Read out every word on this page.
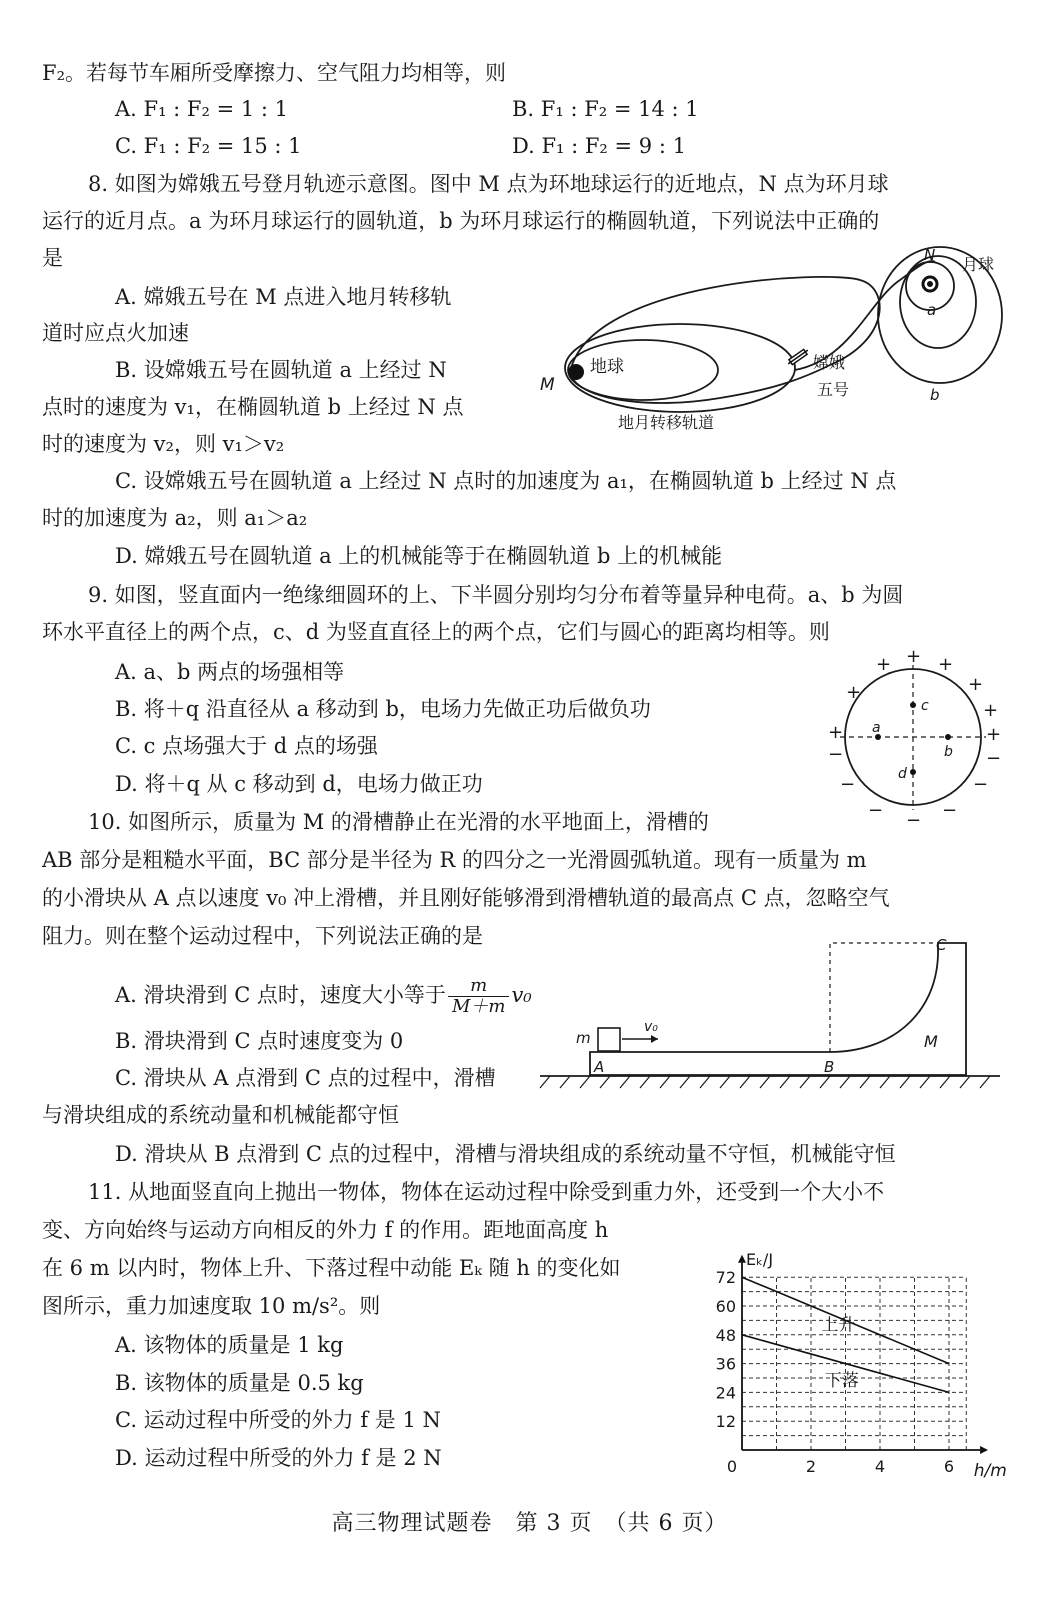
F₂。若每节车厢所受摩擦力、空气阻力均相等，则
A. F₁ : F₂ = 1 : 1	B. F₁ : F₂ = 14 : 1
C. F₁ : F₂ = 15 : 1	D. F₁ : F₂ = 9 : 1
8. 如图为嫦娥五号登月轨迹示意图。图中 M 点为环地球运行的近地点，N 点为环月球
运行的近月点。a 为环月球运行的圆轨道，b 为环月球运行的椭圆轨道，下列说法中正确的
是
A. 嫦娥五号在 M 点进入地月转移轨
道时应点火加速
B. 设嫦娥五号在圆轨道 a 上经过 N
点时的速度为 v₁，在椭圆轨道 b 上经过 N 点
时的速度为 v₂，则 v₁＞v₂
C. 设嫦娥五号在圆轨道 a 上经过 N 点时的加速度为 a₁，在椭圆轨道 b 上经过 N 点
时的加速度为 a₂，则 a₁＞a₂
D. 嫦娥五号在圆轨道 a 上的机械能等于在椭圆轨道 b 上的机械能
地球
M
N 月球
a
b
嫦娥
五号
地月转移轨道
9. 如图，竖直面内一绝缘细圆环的上、下半圆分别均匀分布着等量异种电荷。a、b 为圆
环水平直径上的两个点，c、d 为竖直直径上的两个点，它们与圆心的距离均相等。则
A. a、b 两点的场强相等
B. 将＋q 沿直径从 a 移动到 b，电场力先做正功后做负功
C. c 点场强大于 d 点的场强
D. 将＋q 从 c 移动到 d，电场力做正功
a
b
c
d
+ + +
+	+
+
+
+
−
−
− − −
−
−
10. 如图所示，质量为 M 的滑槽静止在光滑的水平地面上，滑槽的
AB 部分是粗糙水平面，BC 部分是半径为 R 的四分之一光滑圆弧轨道。现有一质量为 m
的小滑块从 A 点以速度 v₀ 冲上滑槽，并且刚好能够滑到滑槽轨道的最高点 C 点，忽略空气
阻力。则在整个运动过程中，下列说法正确的是
A. 滑块滑到 C 点时，速度大小等于 $\frac{m}{M+m} v_0$
B. 滑块滑到 C 点时速度变为 0
C. 滑块从 A 点滑到 C 点的过程中，滑槽
与滑块组成的系统动量和机械能都守恒
D. 滑块从 B 点滑到 C 点的过程中，滑槽与滑块组成的系统动量不守恒，机械能守恒
m
v₀
A	B
C
M
11. 从地面竖直向上抛出一物体，物体在运动过程中除受到重力外，还受到一个大小不
变、方向始终与运动方向相反的外力 f 的作用。距地面高度 h
在 6 m 以内时，物体上升、下落过程中动能 Eₖ 随 h 的变化如
图所示，重力加速度取 10 m/s²。则
A. 该物体的质量是 1 kg
B. 该物体的质量是 0.5 kg
C. 运动过程中所受的外力 f 是 1 N
D. 运动过程中所受的外力 f 是 2 N
12
24
36
48
60
72
0	2	4	6
Eₖ/J
h/m
上升
下落
高三物理试题卷　第 3 页　（共 6 页）
